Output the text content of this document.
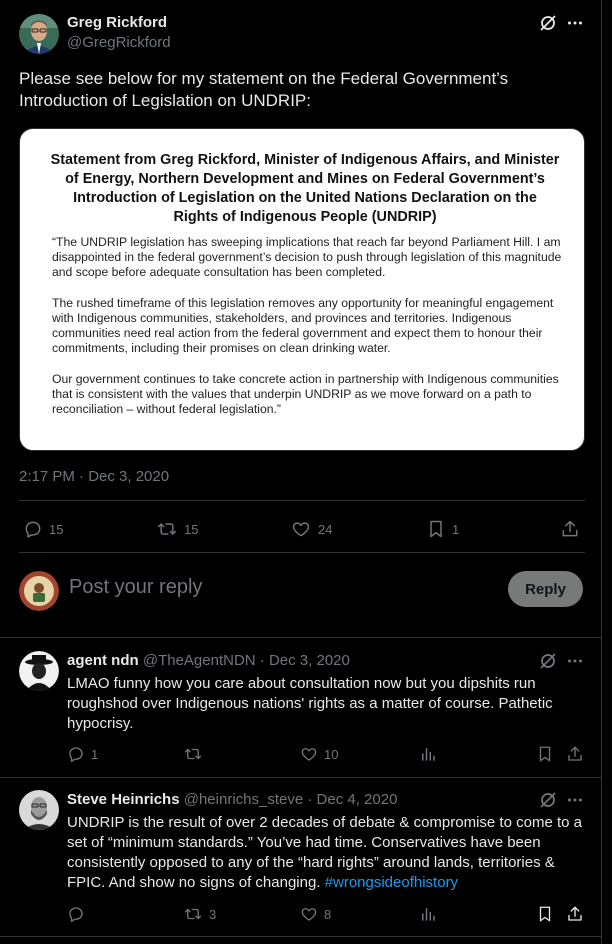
Greg Rickford
@GregRickford
Please see below for my statement on the Federal Government’s Introduction of Legislation on UNDRIP:
Statement from Greg Rickford, Minister of Indigenous Affairs, and Minister of Energy, Northern Development and Mines on Federal Government’s Introduction of Legislation on the United Nations Declaration on the Rights of Indigenous People (UNDRIP)
“The UNDRIP legislation has sweeping implications that reach far beyond Parliament Hill. I am disappointed in the federal government’s decision to push through legislation of this magnitude and scope before adequate consultation has been completed.
The rushed timeframe of this legislation removes any opportunity for meaningful engagement with Indigenous communities, stakeholders, and provinces and territories. Indigenous communities need real action from the federal government and expect them to honour their commitments, including their promises on clean drinking water.
Our government continues to take concrete action in partnership with Indigenous communities that is consistent with the values that underpin UNDRIP as we move forward on a path to reconciliation – without federal legislation.”
2:17 PM · Dec 3, 2020
15	15	24	1
Post your reply	Reply
agent ndn @TheAgentNDN · Dec 3, 2020
LMAO funny how you care about consultation now but you dipshits run roughshod over Indigenous nations' rights as a matter of course. Pathetic hypocrisy.
1	10
Steve Heinrichs @heinrichs_steve · Dec 4, 2020
UNDRIP is the result of over 2 decades of debate & compromise to come to a set of “minimum standards.” You’ve had time. Conservatives have been consistently opposed to any of the “hard rights” around lands, territories & FPIC. And show no signs of changing. #wrongsideofhistory
3	8
